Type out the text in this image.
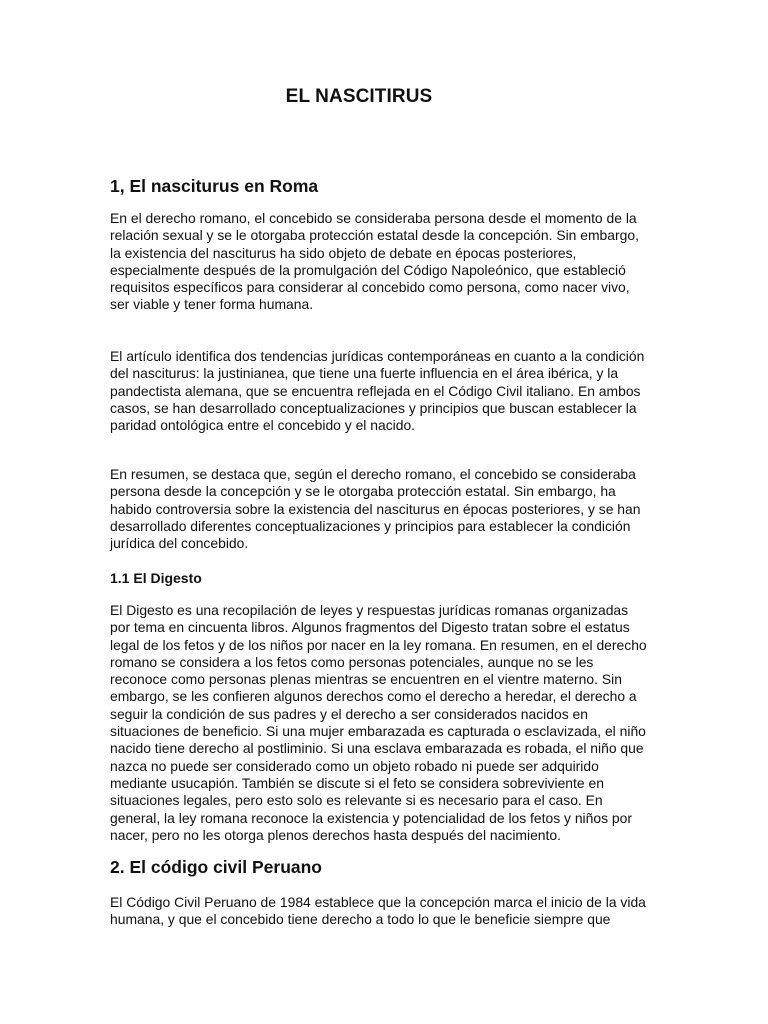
EL NASCITIRUS
1, El nasciturus en Roma

En el derecho romano, el concebido se consideraba persona desde el momento de la
relación sexual y se le otorgaba protección estatal desde la concepción. Sin embargo,
la existencia del nasciturus ha sido objeto de debate en épocas posteriores,
especialmente después de la promulgación del Código Napoleónico, que estableció
requisitos específicos para considerar al concebido como persona, como nacer vivo,
ser viable y tener forma humana.

El artículo identifica dos tendencias jurídicas contemporáneas en cuanto a la condición
del nasciturus: la justinianea, que tiene una fuerte influencia en el área ibérica, y la
pandectista alemana, que se encuentra reflejada en el Código Civil italiano. En ambos
casos, se han desarrollado conceptualizaciones y principios que buscan establecer la
paridad ontológica entre el concebido y el nacido.

En resumen, se destaca que, según el derecho romano, el concebido se consideraba
persona desde la concepción y se le otorgaba protección estatal. Sin embargo, ha
habido controversia sobre la existencia del nasciturus en épocas posteriores, y se han
desarrollado diferentes conceptualizaciones y principios para establecer la condición
jurídica del concebido.

1.1 El Digesto

El Digesto es una recopilación de leyes y respuestas jurídicas romanas organizadas
por tema en cincuenta libros. Algunos fragmentos del Digesto tratan sobre el estatus
legal de los fetos y de los niños por nacer en la ley romana. En resumen, en el derecho
romano se considera a los fetos como personas potenciales, aunque no se les
reconoce como personas plenas mientras se encuentren en el vientre materno. Sin
embargo, se les confieren algunos derechos como el derecho a heredar, el derecho a
seguir la condición de sus padres y el derecho a ser considerados nacidos en
situaciones de beneficio. Si una mujer embarazada es capturada o esclavizada, el niño
nacido tiene derecho al postliminio. Si una esclava embarazada es robada, el niño que
nazca no puede ser considerado como un objeto robado ni puede ser adquirido
mediante usucapión. También se discute si el feto se considera sobreviviente en
situaciones legales, pero esto solo es relevante si es necesario para el caso. En
general, la ley romana reconoce la existencia y potencialidad de los fetos y niños por
nacer, pero no les otorga plenos derechos hasta después del nacimiento.

2. El código civil Peruano

El Código Civil Peruano de 1984 establece que la concepción marca el inicio de la vida
humana, y que el concebido tiene derecho a todo lo que le beneficie siempre que
